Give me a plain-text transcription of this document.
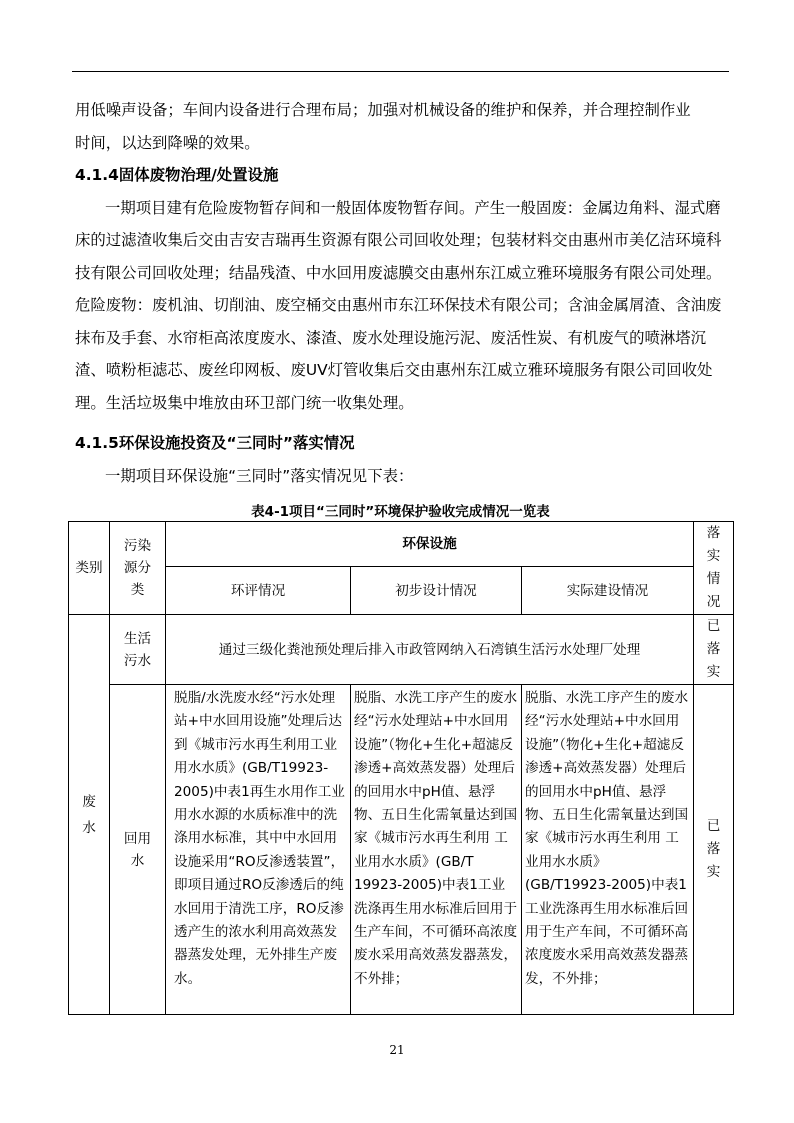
用低噪声设备；车间内设备进行合理布局；加强对机械设备的维护和保养，并合理控制作业
时间，以达到降噪的效果。
4.1.4固体废物治理/处置设施
一期项目建有危险废物暂存间和一般固体废物暂存间。产生一般固废：金属边角料、湿式磨床的过滤渣收集后交由吉安吉瑞再生资源有限公司回收处理；包装材料交由惠州市美亿洁环境科技有限公司回收处理；结晶残渣、中水回用废滤膜交由惠州东江威立雅环境服务有限公司处理。危险废物：废机油、切削油、废空桶交由惠州市东江环保技术有限公司；含油金属屑渣、含油废抹布及手套、水帘柜高浓度废水、漆渣、废水处理设施污泥、废活性炭、有机废气的喷淋塔沉渣、喷粉柜滤芯、废丝印网板、废UV灯管收集后交由惠州东江威立雅环境服务有限公司回收处理。生活垃圾集中堆放由环卫部门统一收集处理。
4.1.5环保设施投资及“三同时”落实情况
一期项目环保设施“三同时”落实情况见下表：
表4-1项目“三同时”环境保护验收完成情况一览表
类别	污染源分类	环保设施			落实情况

		环评情况	初步设计情况	实际建设情况	

废水	生活污水	通过三级化粪池预处理后排入市政管网纳入石湾镇生活污水处理厂处理			已落实

	回用水	脱脂/水洗废水经“污水处理站+中水回用设施”处理后达到《城市污水再生利用工业用水水质》(GB/T19923-2005)中表1再生水用作工业用水水源的水质标准中的洗涤用水标准，其中中水回用设施采用“RO反渗透装置”，即项目通过RO反渗透后的纯水回用于清洗工序，RO反渗透产生的浓水利用高效蒸发器蒸发处理，无外排生产废水。	脱脂、水洗工序产生的废水经“污水处理站+中水回用设施”（物化+生化+超滤反渗透+高效蒸发器）处理后的回用水中pH值、悬浮物、五日生化需氧量达到国家《城市污水再生利用 工业用水水质》(GB/T 19923-2005)中表1工业洗涤再生用水标准后回用于生产车间，不可循环高浓度废水采用高效蒸发器蒸发，不外排；	脱脂、水洗工序产生的废水经“污水处理站+中水回用设施”（物化+生化+超滤反渗透+高效蒸发器）处理后的回用水中pH值、悬浮物、五日生化需氧量达到国家《城市污水再生利用 工业用水水质》(GB/T19923-2005)中表1工业洗涤再生用水标准后回用于生产车间，不可循环高浓度废水采用高效蒸发器蒸发，不外排；	已落实
21
